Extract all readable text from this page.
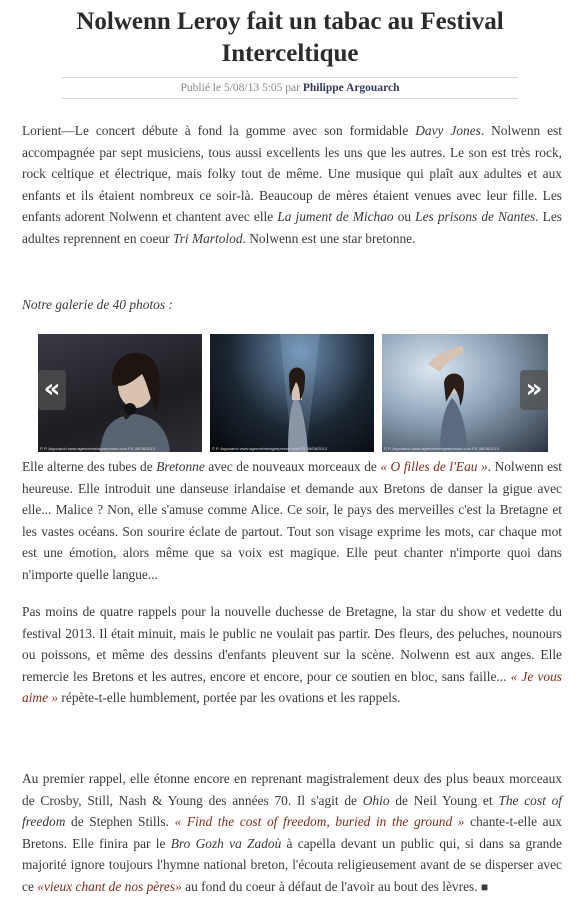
Nolwenn Leroy fait un tabac au Festival Interceltique
Publié le 5/08/13 5:05 par Philippe Argouarch
Lorient—Le concert débute à fond la gomme avec son formidable Davy Jones. Nolwenn est accompagnée par sept musiciens, tous aussi excellents les uns que les autres. Le son est très rock, rock celtique et électrique, mais folky tout de même. Une musique qui plaît aux adultes et aux enfants et ils étaient nombreux ce soir-là. Beaucoup de mères étaient venues avec leur fille. Les enfants adorent Nolwenn et chantent avec elle La jument de Michao ou Les prisons de Nantes. Les adultes reprennent en coeur Tri Martolod. Nolwenn est une star bretonne.
Notre galerie de 40 photos :
© P. Argouarch www.agencebretagnepresse.com FIL 08/08/2013	© P. Argouarch www.agencebretagnepresse.com FIL 08/08/2013	© P. Argouarch www.agencebretagnepresse.com FIL 08/08/2013
«	»
Elle alterne des tubes de Bretonne avec de nouveaux morceaux de « O filles de l'Eau ». Nolwenn est heureuse. Elle introduit une danseuse irlandaise et demande aux Bretons de danser la gigue avec elle... Malice ? Non, elle s'amuse comme Alice. Ce soir, le pays des merveilles c'est la Bretagne et les vastes océans. Son sourire éclate de partout. Tout son visage exprime les mots, car chaque mot est une émotion, alors même que sa voix est magique. Elle peut chanter n'importe quoi dans n'importe quelle langue...
Pas moins de quatre rappels pour la nouvelle duchesse de Bretagne, la star du show et vedette du festival 2013. Il était minuit, mais le public ne voulait pas partir. Des fleurs, des peluches, nounours ou poissons, et même des dessins d'enfants pleuvent sur la scène. Nolwenn est aux anges. Elle remercie les Bretons et les autres, encore et encore, pour ce soutien en bloc, sans faille... « Je vous aime » répète-t-elle humblement, portée par les ovations et les rappels.
Au premier rappel, elle étonne encore en reprenant magistralement deux des plus beaux morceaux de Crosby, Still, Nash & Young des années 70. Il s'agit de Ohio de Neil Young et The cost of freedom de Stephen Stills. « Find the cost of freedom, buried in the ground » chante-t-elle aux Bretons. Elle finira par le Bro Gozh va Zadoù à capella devant un public qui, si dans sa grande majorité ignore toujours l'hymne national breton, l'écouta religieusement avant de se disperser avec ce «vieux chant de nos pères» au fond du coeur à défaut de l'avoir au bout des lèvres. ■
